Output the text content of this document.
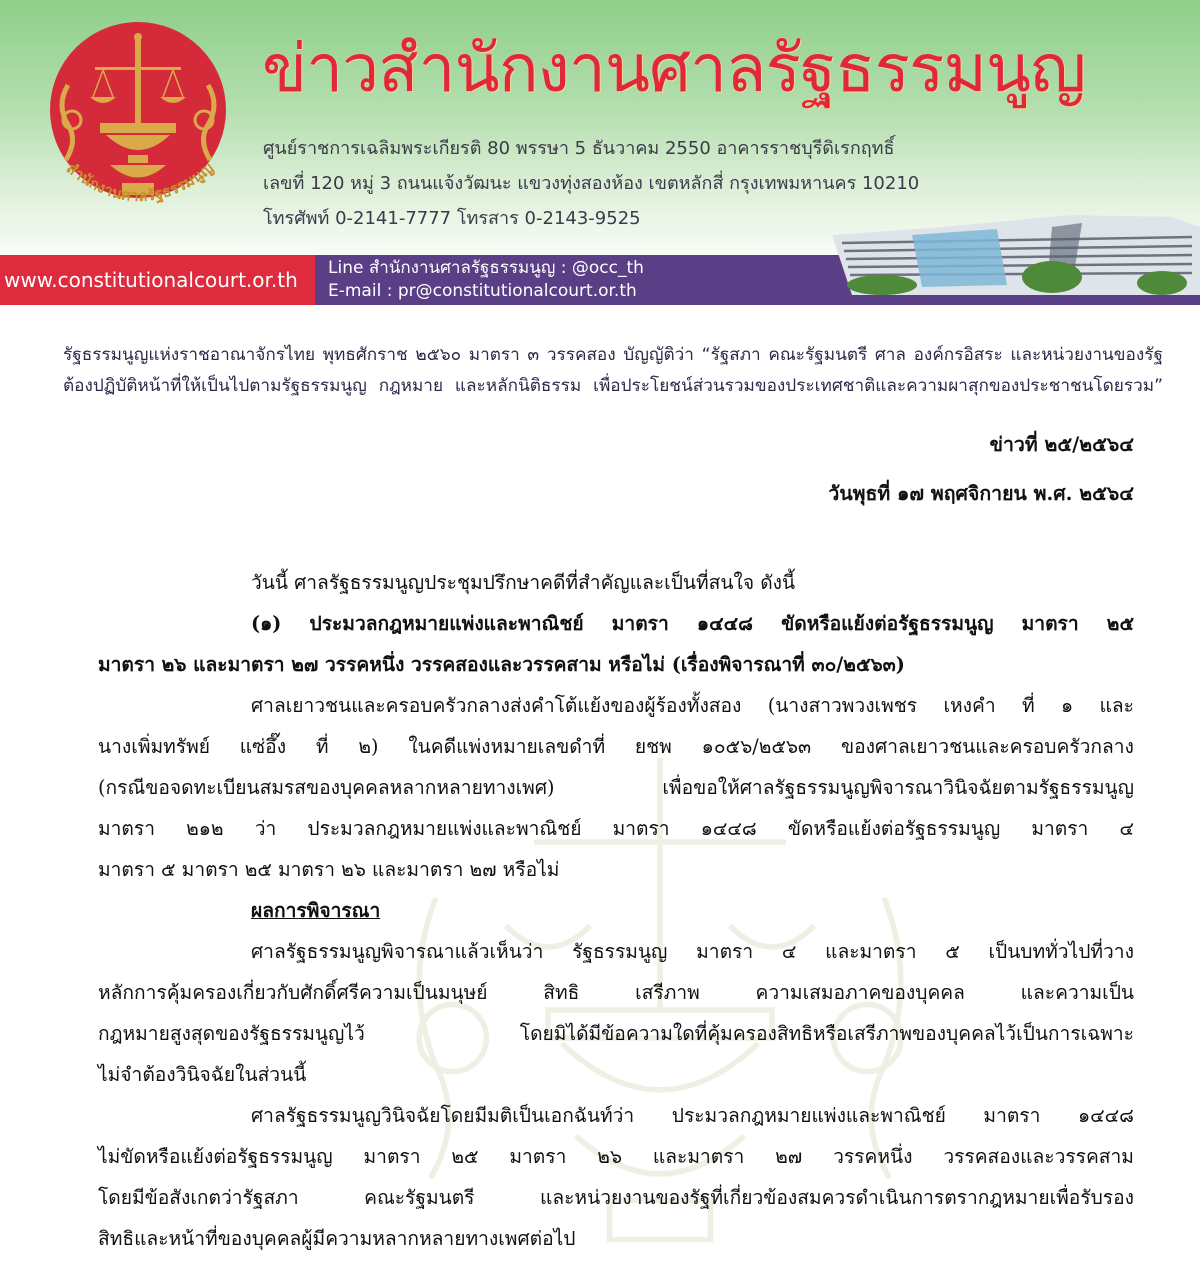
สำนักงานศาลรัฐธรรมนูญ
ข่าวสำนักงานศาลรัฐธรรมนูญ
ศูนย์ราชการเฉลิมพระเกียรติ 80 พรรษา 5 ธันวาคม 2550 อาคารราชบุรีดิเรกฤทธิ์
เลขที่ 120 หมู่ 3 ถนนแจ้งวัฒนะ แขวงทุ่งสองห้อง เขตหลักสี่ กรุงเทพมหานคร 10210
โทรศัพท์ 0-2141-7777 โทรสาร 0-2143-9525
www.constitutionalcourt.or.th	Line สำนักงานศาลรัฐธรรมนูญ : @occ_th
E-mail : pr@constitutionalcourt.or.th
รัฐธรรมนูญแห่งราชอาณาจักรไทย พุทธศักราช ๒๕๖๐ มาตรา ๓ วรรคสอง บัญญัติว่า “รัฐสภา คณะรัฐมนตรี ศาล องค์กรอิสระ และหน่วยงานของรัฐ
ต้องปฏิบัติหน้าที่ให้เป็นไปตามรัฐธรรมนูญ กฎหมาย และหลักนิติธรรม เพื่อประโยชน์ส่วนรวมของประเทศชาติและความผาสุกของประชาชนโดยรวม”
ข่าวที่ ๒๕/๒๕๖๔
วันพุธที่ ๑๗ พฤศจิกายน พ.ศ. ๒๕๖๔
วันนี้ ศาลรัฐธรรมนูญประชุมปรึกษาคดีที่สำคัญและเป็นที่สนใจ ดังนี้
(๑) ประมวลกฎหมายแพ่งและพาณิชย์ มาตรา ๑๔๔๘ ขัดหรือแย้งต่อรัฐธรรมนูญ มาตรา ๒๕
มาตรา ๒๖ และมาตรา ๒๗ วรรคหนึ่ง วรรคสองและวรรคสาม หรือไม่ (เรื่องพิจารณาที่ ๓๐/๒๕๖๓)
ศาลเยาวชนและครอบครัวกลางส่งคำโต้แย้งของผู้ร้องทั้งสอง (นางสาวพวงเพชร เหงคำ ที่ ๑ และ
นางเพิ่มทรัพย์ แซ่อึ๊ง ที่ ๒) ในคดีแพ่งหมายเลขดำที่ ยชพ ๑๐๕๖/๒๕๖๓ ของศาลเยาวชนและครอบครัวกลาง
(กรณีขอจดทะเบียนสมรสของบุคคลหลากหลายทางเพศ)	เพื่อขอให้ศาลรัฐธรรมนูญพิจารณาวินิจฉัยตามรัฐธรรมนูญ
มาตรา ๒๑๒ ว่า ประมวลกฎหมายแพ่งและพาณิชย์ มาตรา ๑๔๔๘ ขัดหรือแย้งต่อรัฐธรรมนูญ มาตรา ๔
มาตรา ๕ มาตรา ๒๕ มาตรา ๒๖ และมาตรา ๒๗ หรือไม่
ผลการพิจารณา
ศาลรัฐธรรมนูญพิจารณาแล้วเห็นว่า รัฐธรรมนูญ มาตรา ๔ และมาตรา ๕ เป็นบททั่วไปที่วาง
หลักการคุ้มครองเกี่ยวกับศักดิ์ศรีความเป็นมนุษย์	สิทธิ	เสรีภาพ	ความเสมอภาคของบุคคล	และความเป็น
กฎหมายสูงสุดของรัฐธรรมนูญไว้	โดยมิได้มีข้อความใดที่คุ้มครองสิทธิหรือเสรีภาพของบุคคลไว้เป็นการเฉพาะ
ไม่จำต้องวินิจฉัยในส่วนนี้
ศาลรัฐธรรมนูญวินิจฉัยโดยมีมติเป็นเอกฉันท์ว่า ประมวลกฎหมายแพ่งและพาณิชย์ มาตรา ๑๔๔๘
ไม่ขัดหรือแย้งต่อรัฐธรรมนูญ มาตรา ๒๕ มาตรา ๒๖ และมาตรา ๒๗ วรรคหนึ่ง วรรคสองและวรรคสาม
โดยมีข้อสังเกตว่ารัฐสภา	คณะรัฐมนตรี	และหน่วยงานของรัฐที่เกี่ยวข้องสมควรดำเนินการตรากฎหมายเพื่อรับรอง
สิทธิและหน้าที่ของบุคคลผู้มีความหลากหลายทางเพศต่อไป
